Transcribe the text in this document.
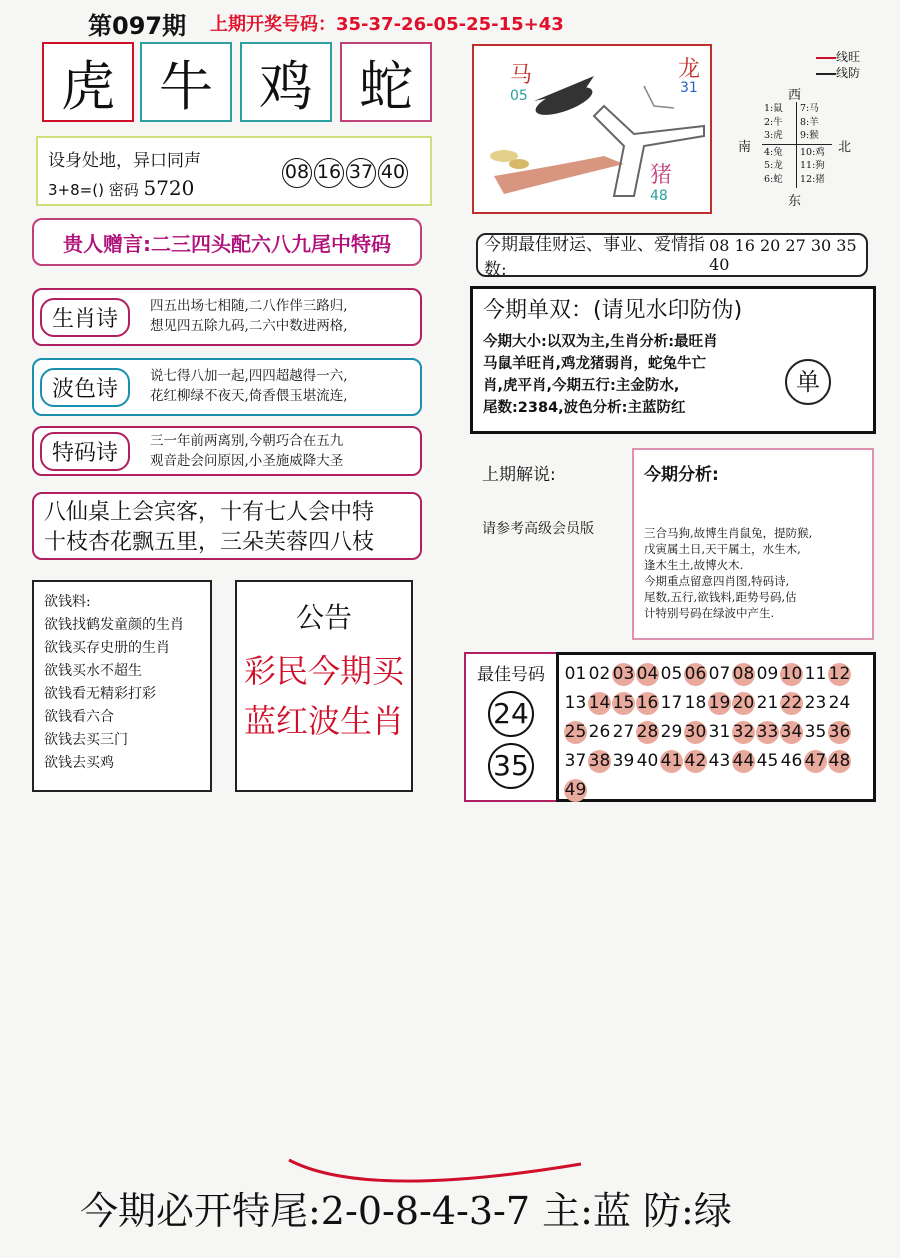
第097期 上期开奖号码：35-37-26-05-25-15+43
虎 牛 鸡 蛇
设身处地，异口同声
3+8=() 密码 5720
08 16 37 40
贵人赠言:二三四头配六八九尾中特码
生肖诗
四五出场七相随,二八作伴三路归,
想见四五除九码,二六中数进两格,
波色诗
说七得八加一起,四四超越得一六,
花红柳绿不夜天,倚香偎玉堪流连,
特码诗	三一年前两离别,今朝巧合在五九
观音赴会问原因,小圣施威降大圣
八仙桌上会宾客，十有七人会中特
十枝杏花飘五里，三朵芙蓉四八枝
欲钱料:
欲钱找鹤发童颜的生肖
欲钱买存史册的生肖
欲钱买水不超生
欲钱看无精彩打彩
欲钱看六合
欲钱去买三门
欲钱去买鸡
公告
彩民今期买
蓝红波生肖
马
05
龙
31
猪
48
线旺
线防
西
南	北
东
1:鼠
2:牛
3:虎
4:兔
5:龙
6:蛇
7:马
8:羊
9:猴
10:鸡
11:狗
12:猪
今期最佳财运、事业、爱情指数:
08 16 20 27 30 35 40
今期单双：(请见水印防伪)
今期大小:以双为主,生肖分析:最旺肖
马鼠羊旺肖,鸡龙猪弱肖，蛇兔牛亡
肖,虎平肖,今期五行:主金防水,
尾数:2384,波色分析:主蓝防红
单
上期解说:
请参考高级会员版
今期分析:
三合马狗,故博生肖鼠兔，提防猴,
戊寅属土日,天干属土，水生木,
逢木生土,故博火木.
今期重点留意四肖图,特码诗,
尾数,五行,欲钱料,距势号码,估
计特别号码在绿波中产生.
最佳号码
24
35
01 02 03 04 05 06 07 08 09 10 11 12
13 14 15 16 17 18 19 20 21 22 23 24
25 26 27 28 29 30 31 32 33 34 35 36
37 38 39 40 41 42 43 44 45 46 47 48
49
今期必开特尾:2-0-8-4-3-7 主:蓝 防:绿
